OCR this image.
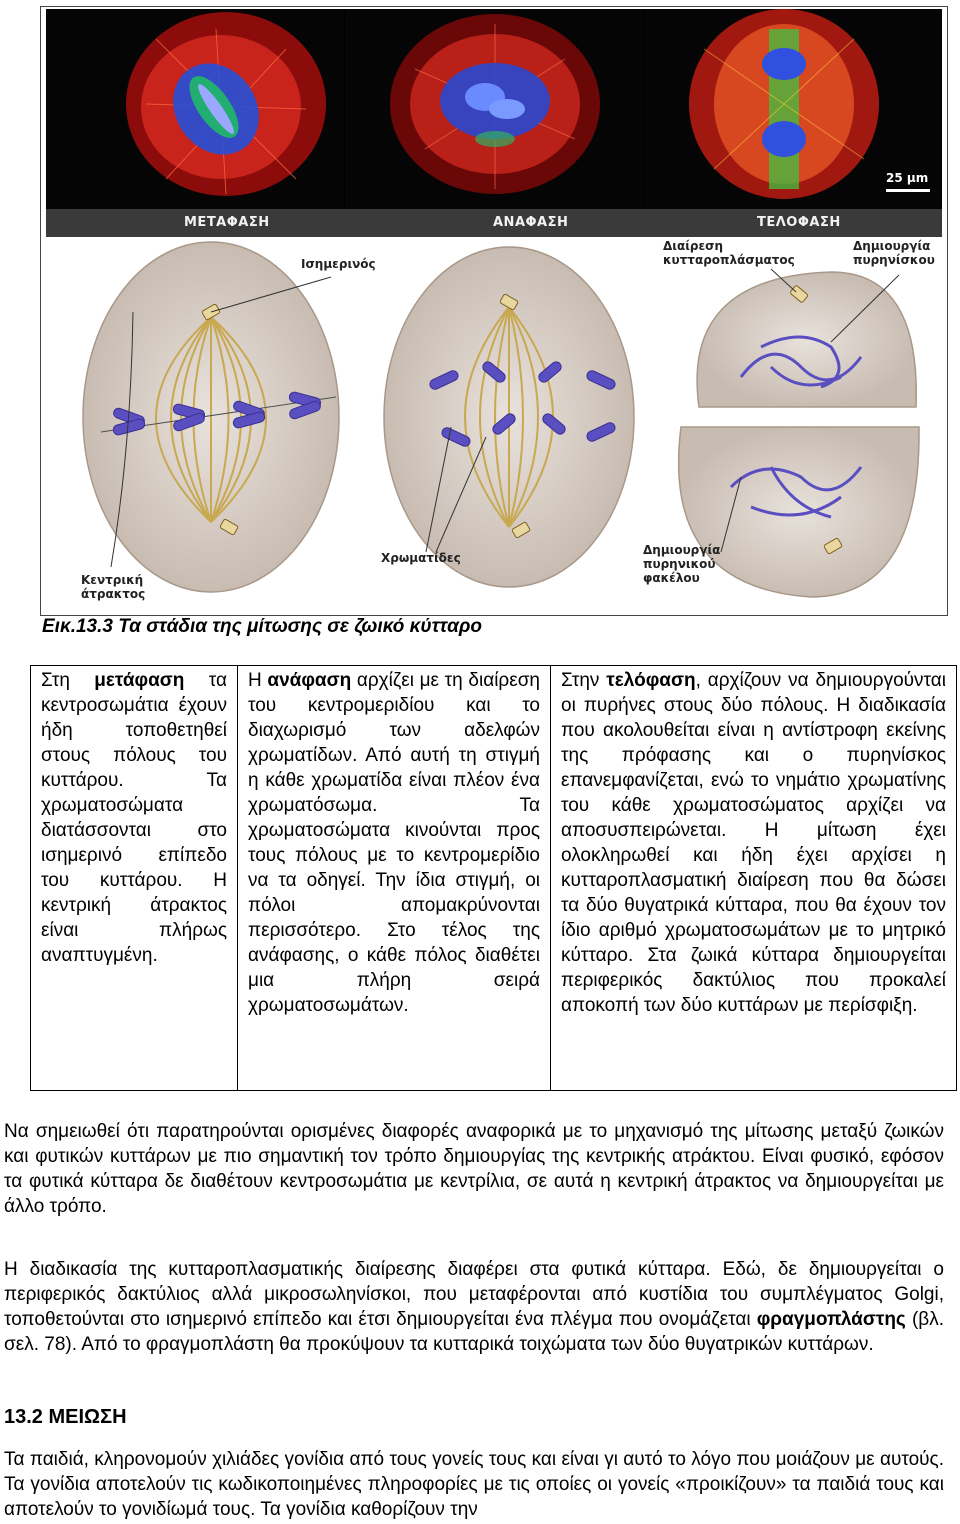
25 μm
ΜΕΤΑΦΑΣΗ	ΑΝΑΦΑΣΗ	ΤΕΛΟΦΑΣΗ
Ισημερινός
Κεντρική
άτρακτος
Χρωματίδες
Διαίρεση
κυτταροπλάσματος
Δημιουργία
πυρηνίσκου
Δημιουργία
πυρηνικού
φακέλου
Εικ.13.3 Τα στάδια της μίτωσης σε ζωικό κύτταρο
Στη μετάφαση τα κεντροσωμάτια έχουν ήδη τοποθετηθεί στους πόλους του κυττάρου. Τα χρωματοσώματα διατάσσονται στο ισημερινό επίπεδο του κυττάρου. Η κεντρική άτρακτος είναι πλήρως αναπτυγμένη.	Η ανάφαση αρχίζει με τη διαίρεση του κεντρομεριδίου και το διαχωρισμό των αδελφών χρωματίδων. Από αυτή τη στιγμή η κάθε χρωματίδα είναι πλέον ένα χρωματόσωμα. Τα χρωματοσώματα κινούνται προς τους πόλους με το κεντρομερίδιο να τα οδηγεί. Την ίδια στιγμή, οι πόλοι απομακρύνονται περισσότερο. Στο τέλος της ανάφασης, ο κάθε πόλος διαθέτει μια πλήρη σειρά χρωματοσωμάτων.	Στην τελόφαση, αρχίζουν να δημιουργούνται οι πυρήνες στους δύο πόλους. Η διαδικασία που ακολουθείται είναι η αντίστροφη εκείνης της πρόφασης και ο πυρηνίσκος επανεμφανίζεται, ενώ το νημάτιο χρωματίνης του κάθε χρωματοσώματος αρχίζει να αποσυσπειρώνεται. Η μίτωση έχει ολοκληρωθεί και ήδη έχει αρχίσει η κυτταροπλασματική διαίρεση που θα δώσει τα δύο θυγατρικά κύτταρα, που θα έχουν τον ίδιο αριθμό χρωματοσωμάτων με το μητρικό κύτταρο. Στα ζωικά κύτταρα δημιουργείται περιφερικός δακτύλιος που προκαλεί αποκοπή των δύο κυττάρων με περίσφιξη.

Να σημειωθεί ότι παρατηρούνται ορισμένες διαφορές αναφορικά με το μηχανισμό της μίτωσης μεταξύ ζωικών και φυτικών κυττάρων με πιο σημαντική τον τρόπο δημιουργίας της κεντρικής ατράκτου. Είναι φυσικό, εφόσον τα φυτικά κύτταρα δε διαθέτουν κεντροσωμάτια με κεντρίλια, σε αυτά η κεντρική άτρακτος να δημιουργείται με άλλο τρόπο.

Η διαδικασία της κυτταροπλασματικής διαίρεσης διαφέρει στα φυτικά κύτταρα. Εδώ, δε δημιουργείται ο περιφερικός δακτύλιος αλλά μικροσωληνίσκοι, που μεταφέρονται από κυστίδια του συμπλέγματος Golgi, τοποθετούνται στο ισημερινό επίπεδο και έτσι δημιουργείται ένα πλέγμα που ονομάζεται φραγμοπλάστης (βλ. σελ. 78). Από το φραγμοπλάστη θα προκύψουν τα κυτταρικά τοιχώματα των δύο θυγατρικών κυττάρων.

13.2 ΜΕΙΩΣΗ

Τα παιδιά, κληρονομούν χιλιάδες γονίδια από τους γονείς τους και είναι γι αυτό το λόγο που μοιάζουν με αυτούς. Τα γονίδια αποτελούν τις κωδικοποιημένες πληροφορίες με τις οποίες οι γονείς «προικίζουν» τα παιδιά τους και αποτελούν το γονιδίωμά τους. Τα γονίδια καθορίζουν την
